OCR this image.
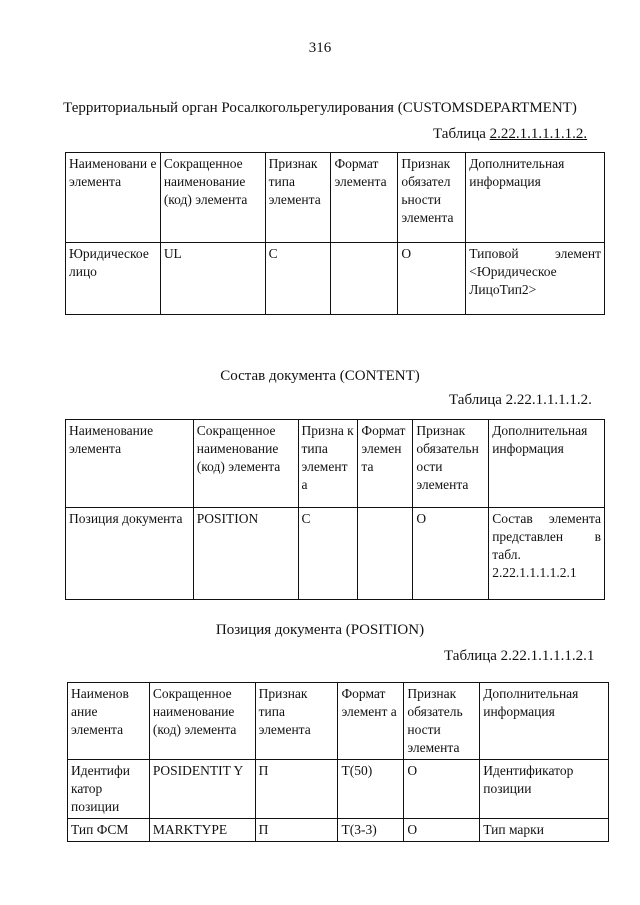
316
Территориальный орган Росалкогольрегулирования (CUSTOMSDEPARTMENT)
Таблица 2.22.1.1.1.1.1.2.
Наименовани е элемента	Сокращенное наименование (код) элемента	Признак типа элемента	Формат элемента	Признак обязател ьности элемента	Дополнительная информация
Юридическое лицо	UL	С		О	Типовой элемент <Юридическое ЛицоТип2>
Состав документа (CONTENT)
Таблица 2.22.1.1.1.1.2.
Наименование элемента	Сокращенное наименование (код) элемента	Призна к типа элемент а	Формат элемен та	Признак обязательн ости элемента	Дополнительная информация
Позиция документа	POSITION	С		О	Состав элемента представлен в табл. 2.22.1.1.1.1.2.1
Позиция документа (POSITION)
Таблица 2.22.1.1.1.1.2.1
Наименов ание элемента	Сокращенное наименование (код) элемента	Признак типа элемента	Формат элемент а	Признак обязатель ности элемента	Дополнительная информация
Идентифи катор позиции	POSIDENTIT Y	П	T(50)	О	Идентификатор позиции
Тип ФСМ	MARKTYPE	П	T(3-3)	О	Тип марки
